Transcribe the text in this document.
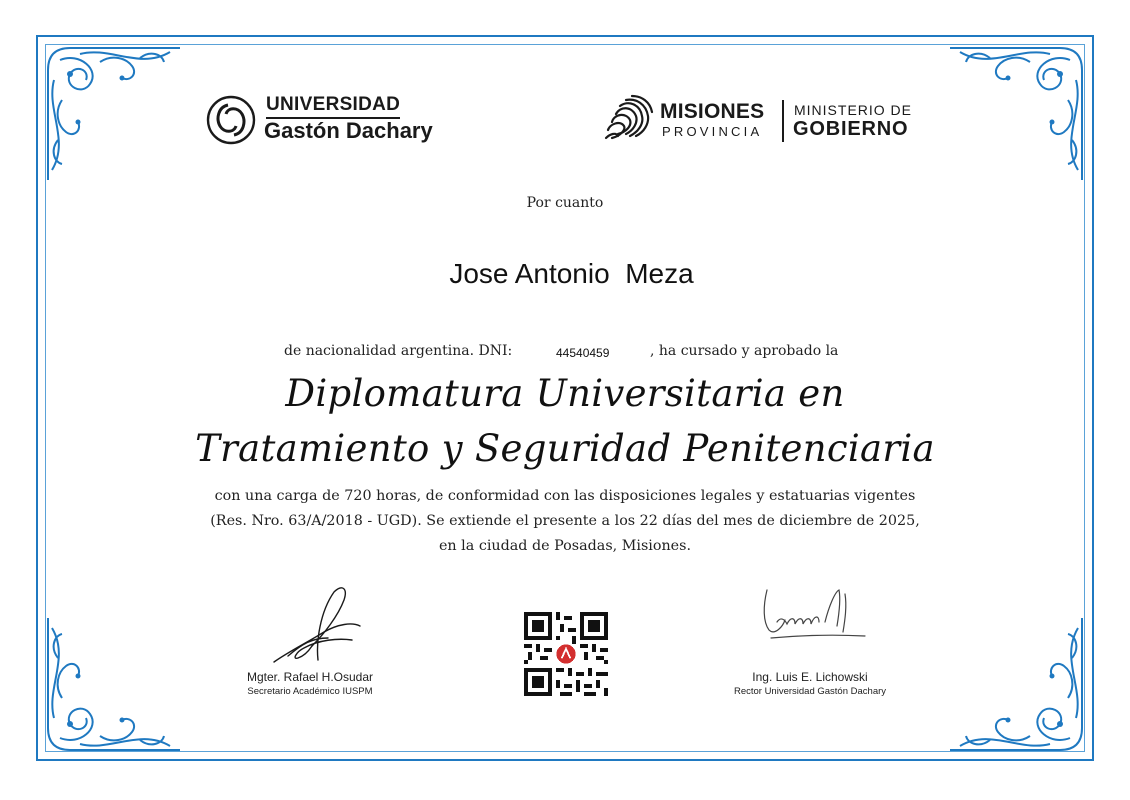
UNIVERSIDAD
Gastón Dachary
MISIONES
PROVINCIA
MINISTERIO DE
GOBIERNO
Por cuanto
Jose Antonio  Meza
de nacionalidad argentina. DNI:	44540459	, ha cursado y aprobado la
Diplomatura Universitaria en
Tratamiento y Seguridad Penitenciaria
con una carga de 720 horas, de conformidad con las disposiciones legales y estatuarias vigentes
(Res. Nro. 63/A/2018 - UGD). Se extiende el presente a los 22 días del mes de diciembre de 2025,
en la ciudad de Posadas, Misiones.
Mgter. Rafael H.Osudar
Secretario Académico IUSPM
Ing. Luis E. Lichowski
Rector Universidad Gastón Dachary
